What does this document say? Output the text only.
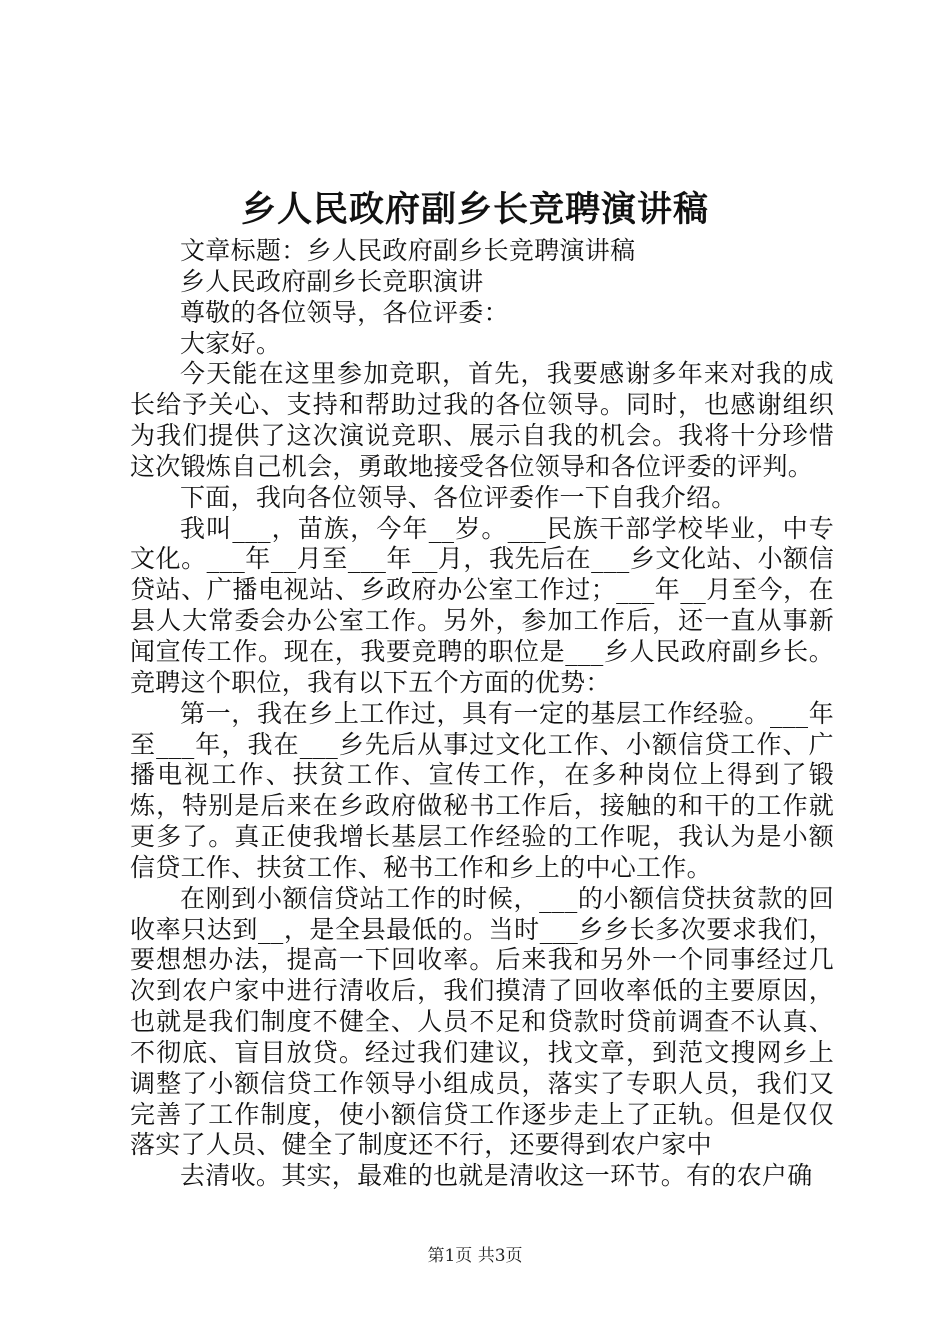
乡人民政府副乡长竞聘演讲稿

文章标题：乡人民政府副乡长竞聘演讲稿

乡人民政府副乡长竞职演讲

尊敬的各位领导，各位评委：

大家好。

今天能在这里参加竞职，首先，我要感谢多年来对我的成长给予关心、支持和帮助过我的各位领导。同时，也感谢组织为我们提供了这次演说竞职、展示自我的机会。我将十分珍惜这次锻炼自己机会，勇敢地接受各位领导和各位评委的评判。

下面，我向各位领导、各位评委作一下自我介绍。

我叫___，苗族，今年__岁。___民族干部学校毕业，中专文化。___年__月至___年__月，我先后在___乡文化站、小额信贷站、广播电视站、乡政府办公室工作过；___年__月至今，在县人大常委会办公室工作。另外，参加工作后，还一直从事新闻宣传工作。现在，我要竞聘的职位是___乡人民政府副乡长。竞聘这个职位，我有以下五个方面的优势：

第一，我在乡上工作过，具有一定的基层工作经验。___年至___年，我在___乡先后从事过文化工作、小额信贷工作、广播电视工作、扶贫工作、宣传工作，在多种岗位上得到了锻炼，特别是后来在乡政府做秘书工作后，接触的和干的工作就更多了。真正使我增长基层工作经验的工作呢，我认为是小额信贷工作、扶贫工作、秘书工作和乡上的中心工作。

在刚到小额信贷站工作的时候，___的小额信贷扶贫款的回收率只达到__，是全县最低的。当时___乡乡长多次要求我们，要想想办法，提高一下回收率。后来我和另外一个同事经过几次到农户家中进行清收后，我们摸清了回收率低的主要原因，也就是我们制度不健全、人员不足和贷款时贷前调查不认真、不彻底、盲目放贷。经过我们建议，找文章，到范文搜网乡上调整了小额信贷工作领导小组成员，落实了专职人员，我们又完善了工作制度，使小额信贷工作逐步走上了正轨。但是仅仅落实了人员、健全了制度还不行，还要得到农户家中

去清收。其实，最难的也就是清收这一环节。有的农户确

第1页 共3页
